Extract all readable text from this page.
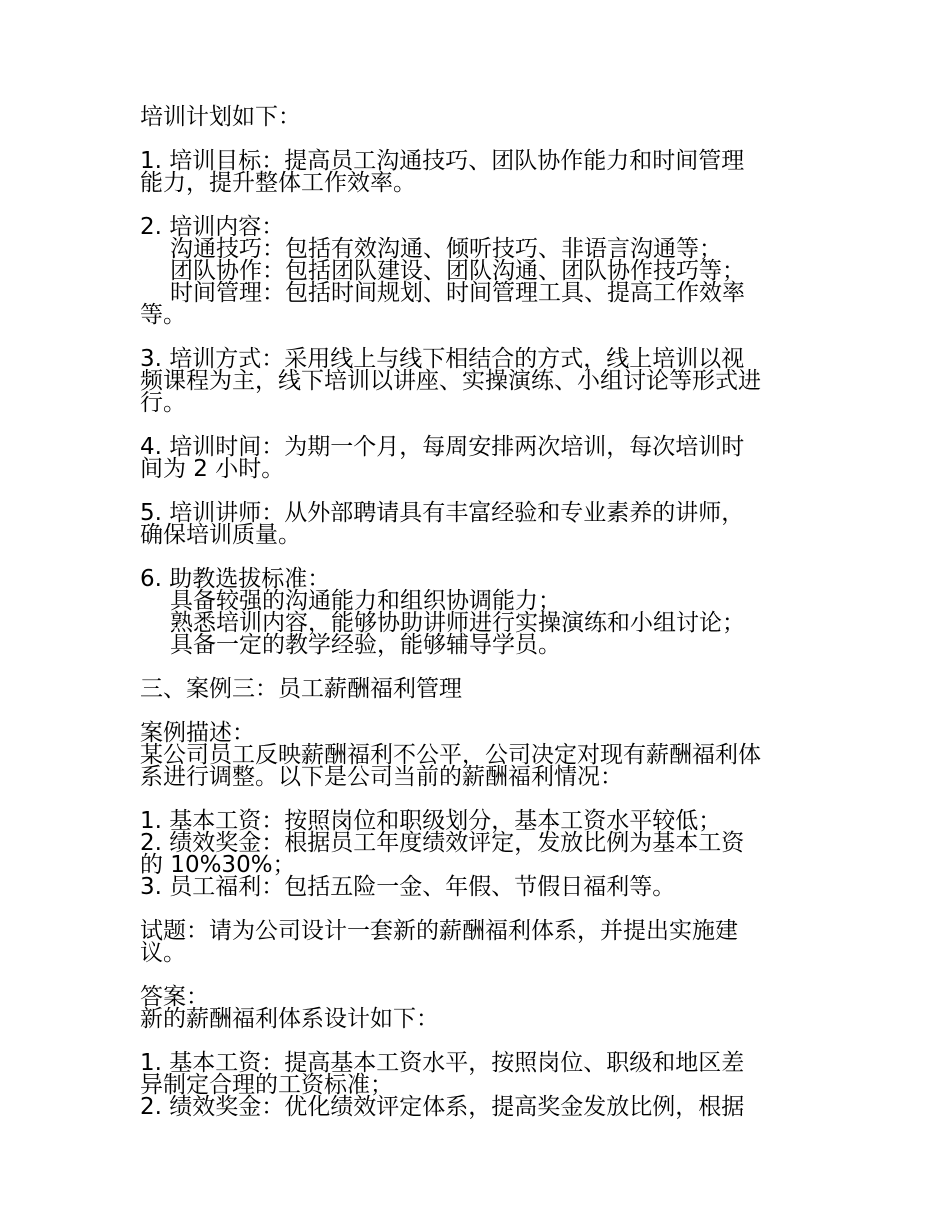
培训计划如下：
1. 培训目标：提高员工沟通技巧、团队协作能力和时间管理
能力，提升整体工作效率。
2. 培训内容：
沟通技巧：包括有效沟通、倾听技巧、非语言沟通等；
团队协作：包括团队建设、团队沟通、团队协作技巧等；
时间管理：包括时间规划、时间管理工具、提高工作效率
等。
3. 培训方式：采用线上与线下相结合的方式，线上培训以视
频课程为主，线下培训以讲座、实操演练、小组讨论等形式进
行。
4. 培训时间：为期一个月，每周安排两次培训，每次培训时
间为 2 小时。
5. 培训讲师：从外部聘请具有丰富经验和专业素养的讲师，
确保培训质量。
6. 助教选拔标准：
具备较强的沟通能力和组织协调能力；
熟悉培训内容，能够协助讲师进行实操演练和小组讨论；
具备一定的教学经验，能够辅导学员。
三、案例三：员工薪酬福利管理
案例描述：
某公司员工反映薪酬福利不公平，公司决定对现有薪酬福利体
系进行调整。以下是公司当前的薪酬福利情况：
1. 基本工资：按照岗位和职级划分，基本工资水平较低；
2. 绩效奖金：根据员工年度绩效评定，发放比例为基本工资
的 10%30%；
3. 员工福利：包括五险一金、年假、节假日福利等。
试题：请为公司设计一套新的薪酬福利体系，并提出实施建
议。
答案：
新的薪酬福利体系设计如下：
1. 基本工资：提高基本工资水平，按照岗位、职级和地区差
异制定合理的工资标准；
2. 绩效奖金：优化绩效评定体系，提高奖金发放比例，根据
